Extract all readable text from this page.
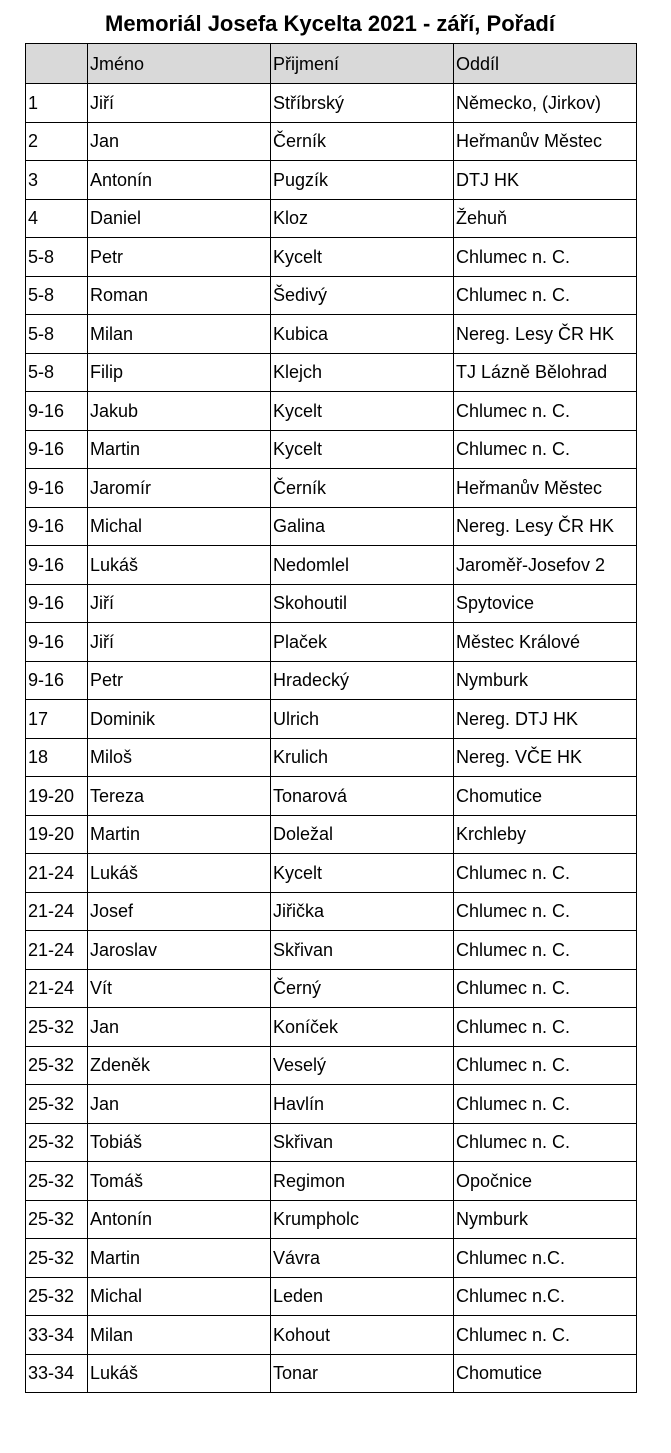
Memoriál Josefa Kycelta 2021 - září, Pořadí
	Jméno	Přijmení	Oddíl
1	Jiří	Stříbrský	Německo, (Jirkov)
2	Jan	Černík	Heřmanův Městec
3	Antonín	Pugzík	DTJ HK
4	Daniel	Kloz	Žehuň
5-8	Petr	Kycelt	Chlumec n. C.
5-8	Roman	Šedivý	Chlumec n. C.
5-8	Milan	Kubica	Nereg. Lesy ČR HK
5-8	Filip	Klejch	TJ Lázně Bělohrad
9-16	Jakub	Kycelt	Chlumec n. C.
9-16	Martin	Kycelt	Chlumec n. C.
9-16	Jaromír	Černík	Heřmanův Městec
9-16	Michal	Galina	Nereg. Lesy ČR HK
9-16	Lukáš	Nedomlel	Jaroměř-Josefov 2
9-16	Jiří	Skohoutil	Spytovice
9-16	Jiří	Plaček	Městec Králové
9-16	Petr	Hradecký	Nymburk
17	Dominik	Ulrich	Nereg. DTJ HK
18	Miloš	Krulich	Nereg. VČE HK
19-20	Tereza	Tonarová	Chomutice
19-20	Martin	Doležal	Krchleby
21-24	Lukáš	Kycelt	Chlumec n. C.
21-24	Josef	Jiřička	Chlumec n. C.
21-24	Jaroslav	Skřivan	Chlumec n. C.
21-24	Vít	Černý	Chlumec n. C.
25-32	Jan	Koníček	Chlumec n. C.
25-32	Zdeněk	Veselý	Chlumec n. C.
25-32	Jan	Havlín	Chlumec n. C.
25-32	Tobiáš	Skřivan	Chlumec n. C.
25-32	Tomáš	Regimon	Opočnice
25-32	Antonín	Krumpholc	Nymburk
25-32	Martin	Vávra	Chlumec n.C.
25-32	Michal	Leden	Chlumec n.C.
33-34	Milan	Kohout	Chlumec n. C.
33-34	Lukáš	Tonar	Chomutice
